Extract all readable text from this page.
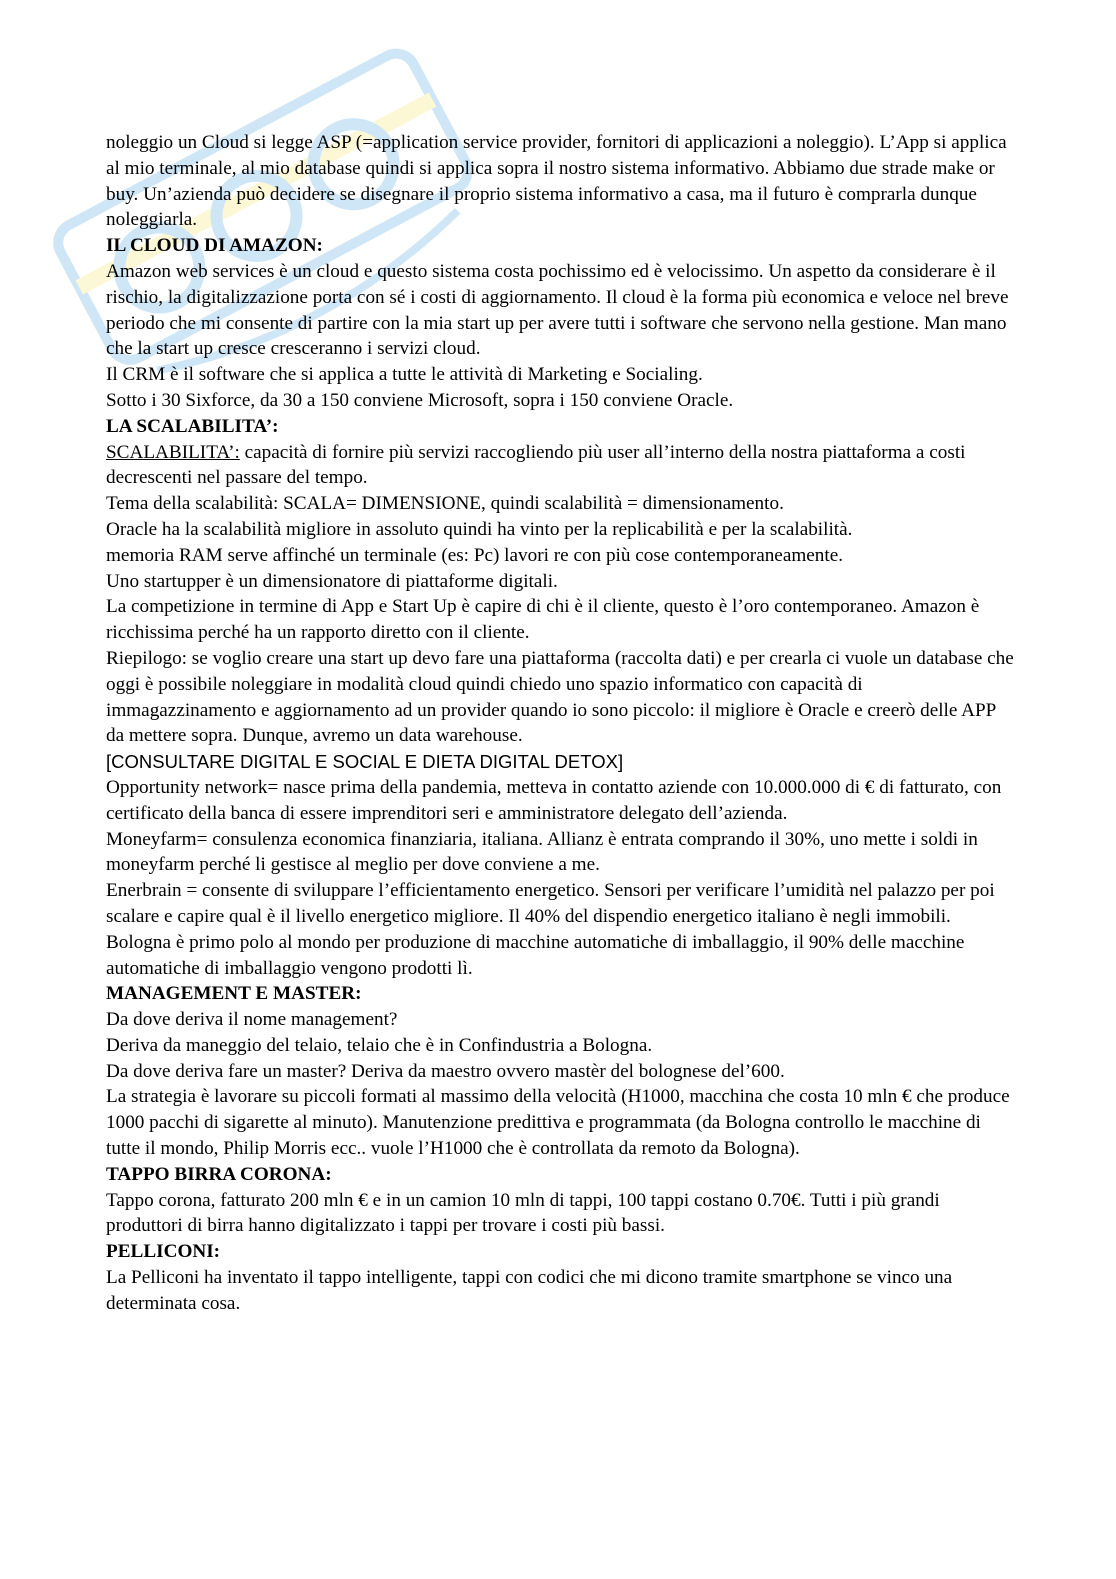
noleggio un Cloud si legge ASP (=application service provider, fornitori di applicazioni a noleggio). L’App si applica al mio terminale, al mio database quindi si applica sopra il nostro sistema informativo. Abbiamo due strade make or buy. Un’azienda può decidere se disegnare il proprio sistema informativo a casa, ma il futuro è comprarla dunque noleggiarla.

IL CLOUD DI AMAZON:

Amazon web services è un cloud e questo sistema costa pochissimo ed è velocissimo. Un aspetto da considerare è il rischio, la digitalizzazione porta con sé i costi di aggiornamento. Il cloud è la forma più economica e veloce nel breve periodo che mi consente di partire con la mia start up per avere tutti i software che servono nella gestione. Man mano che la start up cresce cresceranno i servizi cloud.

Il CRM è il software che si applica a tutte le attività di Marketing e Socialing.

Sotto i 30 Sixforce, da 30 a 150 conviene Microsoft, sopra i 150 conviene Oracle.

LA SCALABILITA’:

SCALABILITA’: capacità di fornire più servizi raccogliendo più user all’interno della nostra piattaforma a costi decrescenti nel passare del tempo.

Tema della scalabilità: SCALA= DIMENSIONE, quindi scalabilità = dimensionamento.

Oracle ha la scalabilità migliore in assoluto quindi ha vinto per la replicabilità e per la scalabilità.

memoria RAM serve affinché un terminale (es: Pc) lavori re con più cose contemporaneamente.

Uno startupper è un dimensionatore di piattaforme digitali.

La competizione in termine di App e Start Up è capire di chi è il cliente, questo è l’oro contemporaneo. Amazon è ricchissima perché ha un rapporto diretto con il cliente.

Riepilogo: se voglio creare una start up devo fare una piattaforma (raccolta dati) e per crearla ci vuole un database che oggi è possibile noleggiare in modalità cloud quindi chiedo uno spazio informatico con capacità di immagazzinamento e aggiornamento ad un provider quando io sono piccolo: il migliore è Oracle e creerò delle APP da mettere sopra. Dunque, avremo un data warehouse.

[CONSULTARE DIGITAL E SOCIAL E DIETA DIGITAL DETOX]

Opportunity network= nasce prima della pandemia, metteva in contatto aziende con 10.000.000 di € di fatturato, con certificato della banca di essere imprenditori seri e amministratore delegato dell’azienda.

Moneyfarm= consulenza economica finanziaria, italiana. Allianz è entrata comprando il 30%, uno mette i soldi in moneyfarm perché li gestisce al meglio per dove conviene a me.

Enerbrain = consente di sviluppare l’efficientamento energetico. Sensori per verificare l’umidità nel palazzo per poi scalare e capire qual è il livello energetico migliore. Il 40% del dispendio energetico italiano è negli immobili.

Bologna è primo polo al mondo per produzione di macchine automatiche di imballaggio, il 90% delle macchine automatiche di imballaggio vengono prodotti lì.

MANAGEMENT E MASTER:

Da dove deriva il nome management?

Deriva da maneggio del telaio, telaio che è in Confindustria a Bologna.

Da dove deriva fare un master? Deriva da maestro ovvero mastèr del bolognese del’600.

La strategia è lavorare su piccoli formati al massimo della velocità (H1000, macchina che costa 10 mln € che produce 1000 pacchi di sigarette al minuto). Manutenzione predittiva e programmata (da Bologna controllo le macchine di tutte il mondo, Philip Morris ecc.. vuole l’H1000 che è controllata da remoto da Bologna).

TAPPO BIRRA CORONA:

Tappo corona, fatturato 200 mln € e in un camion 10 mln di tappi, 100 tappi costano 0.70€. Tutti i più grandi produttori di birra hanno digitalizzato i tappi per trovare i costi più bassi.

PELLICONI:

La Pelliconi ha inventato il tappo intelligente, tappi con codici che mi dicono tramite smartphone se vinco una determinata cosa.
